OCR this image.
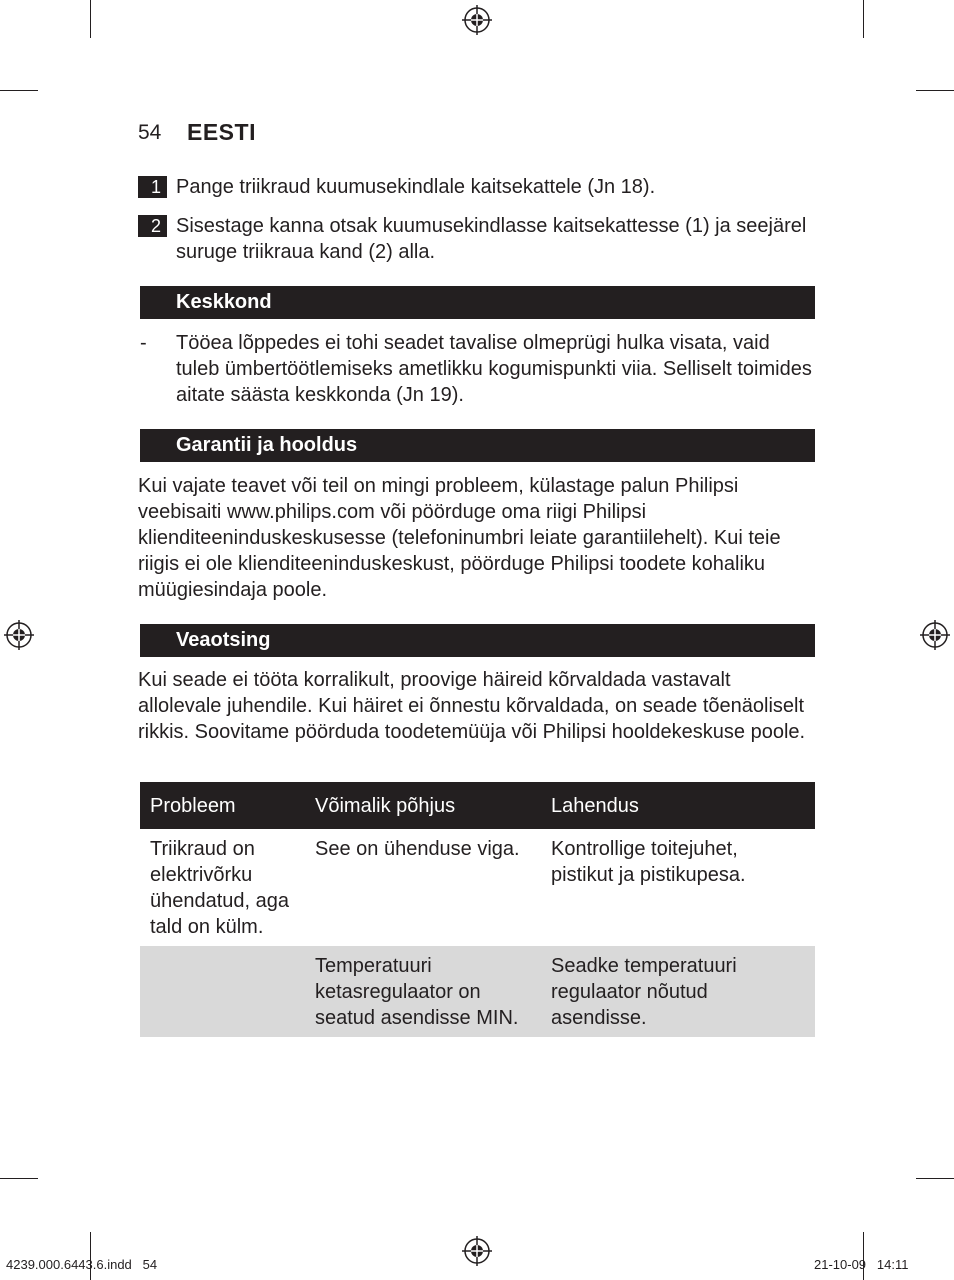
54 EESTI
1 Pange triikraud kuumusekindlale kaitsekattele (Jn 18).
2 Sisestage kanna otsak kuumusekindlasse kaitsekattesse (1) ja seejärel suruge triikraua kand (2) alla.
Keskkond
- Tööea lõppedes ei tohi seadet tavalise olmeprügi hulka visata, vaid tuleb ümbertöötlemiseks ametlikku kogumispunkti viia. Selliselt toimides aitate säästa keskkonda (Jn 19).
Garantii ja hooldus
Kui vajate teavet või teil on mingi probleem, külastage palun Philipsi veebisaiti www.philips.com või pöörduge oma riigi Philipsi klienditeeninduskeskusesse (telefoninumbri leiate garantiilehelt). Kui teie riigis ei ole klienditeeninduskeskust, pöörduge Philipsi toodete kohaliku müügiesindaja poole.
Veaotsing
Kui seade ei tööta korralikult, proovige häireid kõrvaldada vastavalt allolevale juhendile. Kui häiret ei õnnestu kõrvaldada, on seade tõenäoliselt rikkis. Soovitame pöörduda toodetemüüja või Philipsi hooldekeskuse poole.
Probleem	Võimalik põhjus	Lahendus
Triikraud on elektrivõrku ühendatud, aga tald on külm.	See on ühenduse viga.	Kontrollige toitejuhet, pistikut ja pistikupesa.
	Temperatuuri ketasregulaator on seatud asendisse MIN.	Seadke temperatuuri regulaator nõutud asendisse.
4239.000.6443.6.indd   54	21-10-09   14:11
